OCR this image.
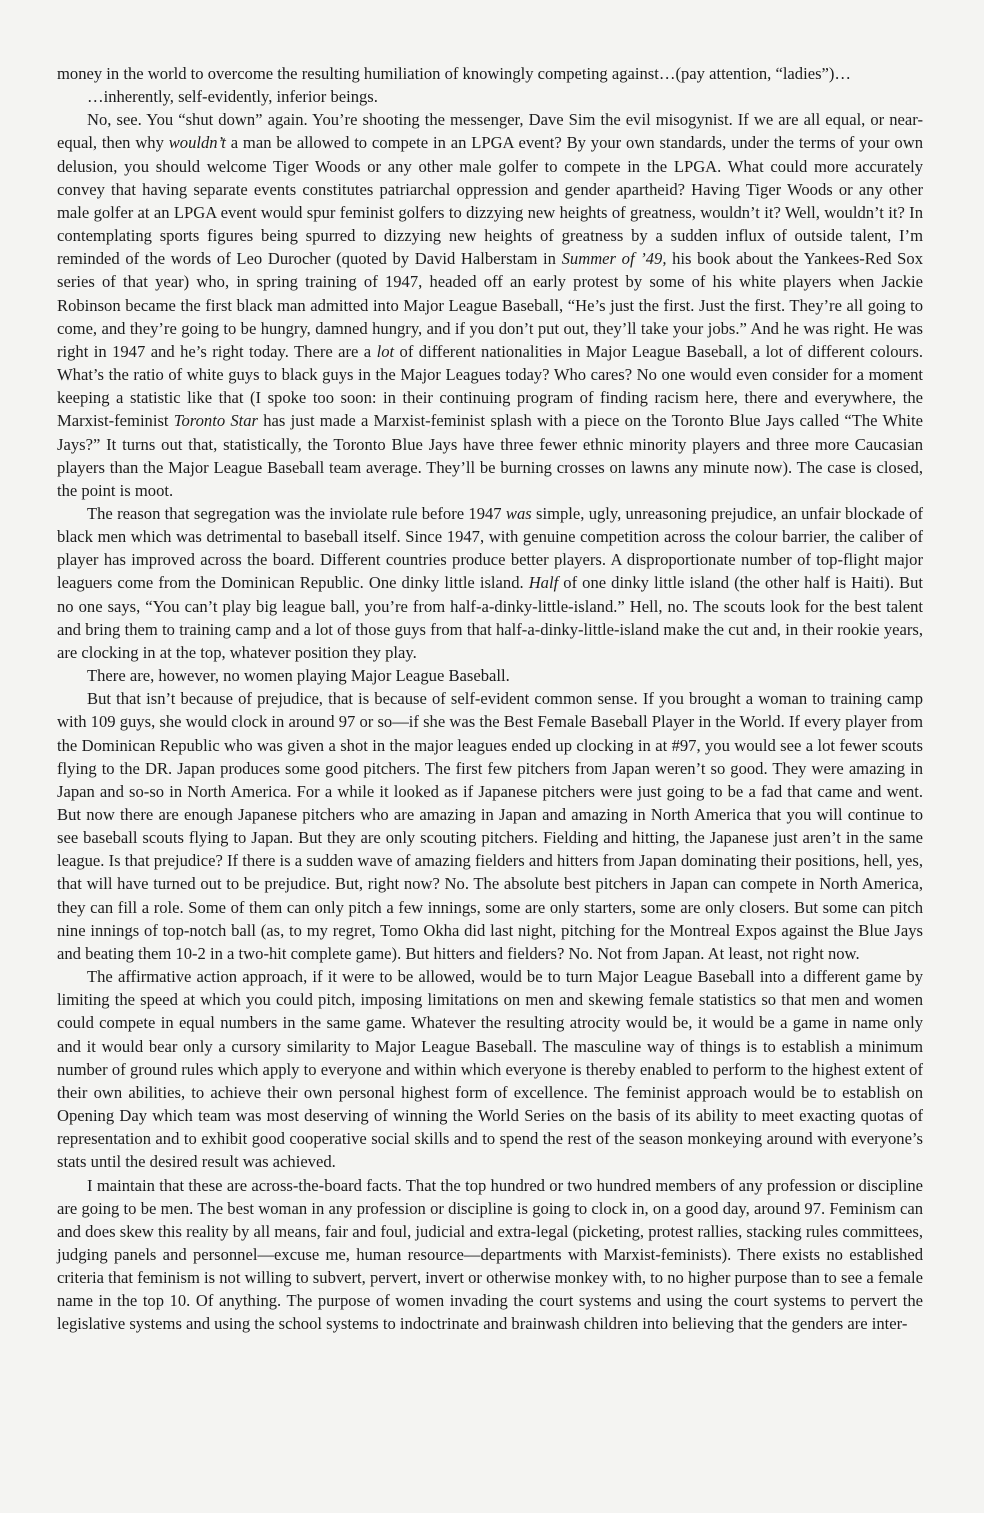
money in the world to overcome the resulting humiliation of knowingly competing against…(pay attention, “ladies”)…

…inherently, self-evidently, inferior beings.

No, see. You “shut down” again. You’re shooting the messenger, Dave Sim the evil misogynist. If we are all equal, or near-equal, then why wouldn’t a man be allowed to compete in an LPGA event? By your own standards, under the terms of your own delusion, you should welcome Tiger Woods or any other male golfer to compete in the LPGA. What could more accurately convey that having separate events constitutes patriarchal oppression and gender apartheid? Having Tiger Woods or any other male golfer at an LPGA event would spur feminist golfers to dizzying new heights of greatness, wouldn’t it? Well, wouldn’t it? In contemplating sports figures being spurred to dizzying new heights of greatness by a sudden influx of outside talent, I’m reminded of the words of Leo Durocher (quoted by David Halberstam in Summer of ’49, his book about the Yankees-Red Sox series of that year) who, in spring training of 1947, headed off an early protest by some of his white players when Jackie Robinson became the first black man admitted into Major League Baseball, “He’s just the first. Just the first. They’re all going to come, and they’re going to be hungry, damned hungry, and if you don’t put out, they’ll take your jobs.” And he was right. He was right in 1947 and he’s right today. There are a lot of different nationalities in Major League Baseball, a lot of different colours. What’s the ratio of white guys to black guys in the Major Leagues today? Who cares? No one would even consider for a moment keeping a statistic like that (I spoke too soon: in their continuing program of finding racism here, there and everywhere, the Marxist-feminist Toronto Star has just made a Marxist-feminist splash with a piece on the Toronto Blue Jays called “The White Jays?” It turns out that, statistically, the Toronto Blue Jays have three fewer ethnic minority players and three more Caucasian players than the Major League Baseball team average. They’ll be burning crosses on lawns any minute now). The case is closed, the point is moot.

The reason that segregation was the inviolate rule before 1947 was simple, ugly, unreasoning prejudice, an unfair blockade of black men which was detrimental to baseball itself. Since 1947, with genuine competition across the colour barrier, the caliber of player has improved across the board. Different countries produce better players. A disproportionate number of top-flight major leaguers come from the Dominican Republic. One dinky little island. Half of one dinky little island (the other half is Haiti). But no one says, “You can’t play big league ball, you’re from half-a-dinky-little-island.” Hell, no. The scouts look for the best talent and bring them to training camp and a lot of those guys from that half-a-dinky-little-island make the cut and, in their rookie years, are clocking in at the top, whatever position they play.

There are, however, no women playing Major League Baseball.

But that isn’t because of prejudice, that is because of self-evident common sense. If you brought a woman to training camp with 109 guys, she would clock in around 97 or so—if she was the Best Female Baseball Player in the World. If every player from the Dominican Republic who was given a shot in the major leagues ended up clocking in at #97, you would see a lot fewer scouts flying to the DR. Japan produces some good pitchers. The first few pitchers from Japan weren’t so good. They were amazing in Japan and so-so in North America. For a while it looked as if Japanese pitchers were just going to be a fad that came and went. But now there are enough Japanese pitchers who are amazing in Japan and amazing in North America that you will continue to see baseball scouts flying to Japan. But they are only scouting pitchers. Fielding and hitting, the Japanese just aren’t in the same league. Is that prejudice? If there is a sudden wave of amazing fielders and hitters from Japan dominating their positions, hell, yes, that will have turned out to be prejudice. But, right now? No. The absolute best pitchers in Japan can compete in North America, they can fill a role. Some of them can only pitch a few innings, some are only starters, some are only closers. But some can pitch nine innings of top-notch ball (as, to my regret, Tomo Okha did last night, pitching for the Montreal Expos against the Blue Jays and beating them 10-2 in a two-hit complete game). But hitters and fielders? No. Not from Japan. At least, not right now.

The affirmative action approach, if it were to be allowed, would be to turn Major League Baseball into a different game by limiting the speed at which you could pitch, imposing limitations on men and skewing female statistics so that men and women could compete in equal numbers in the same game. Whatever the resulting atrocity would be, it would be a game in name only and it would bear only a cursory similarity to Major League Baseball. The masculine way of things is to establish a minimum number of ground rules which apply to everyone and within which everyone is thereby enabled to perform to the highest extent of their own abilities, to achieve their own personal highest form of excellence. The feminist approach would be to establish on Opening Day which team was most deserving of winning the World Series on the basis of its ability to meet exacting quotas of representation and to exhibit good cooperative social skills and to spend the rest of the season monkeying around with everyone’s stats until the desired result was achieved.

I maintain that these are across-the-board facts. That the top hundred or two hundred members of any profession or discipline are going to be men. The best woman in any profession or discipline is going to clock in, on a good day, around 97. Feminism can and does skew this reality by all means, fair and foul, judicial and extra-legal (picketing, protest rallies, stacking rules committees, judging panels and personnel—excuse me, human resource—departments with Marxist-feminists). There exists no established criteria that feminism is not willing to subvert, pervert, invert or otherwise monkey with, to no higher purpose than to see a female name in the top 10. Of anything. The purpose of women invading the court systems and using the court systems to pervert the legislative systems and using the school systems to indoctrinate and brainwash children into believing that the genders are inter-
